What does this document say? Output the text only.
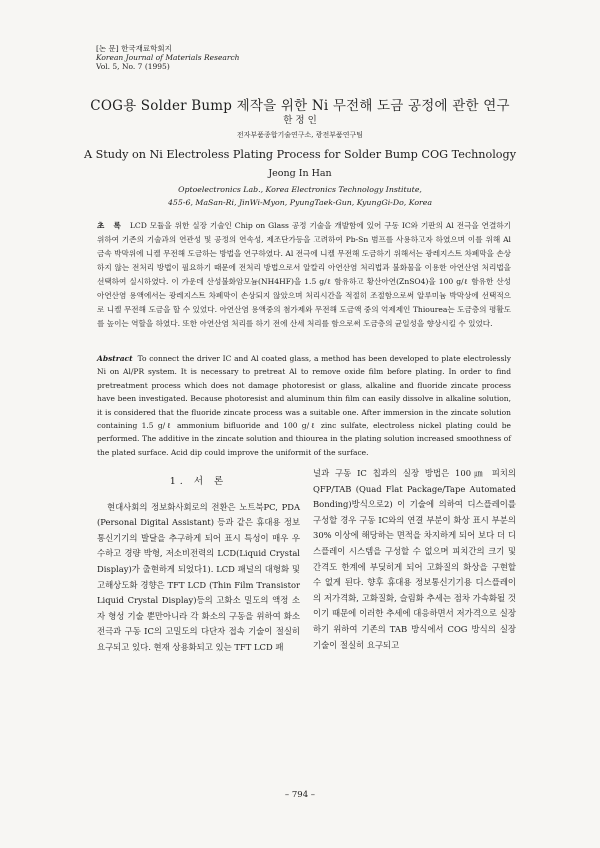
[논 문] 한국재료학회지
Korean Journal of Materials Research
Vol. 5, No. 7 (1995)
COG용 Solder Bump 제작을 위한 Ni 무전해 도금 공정에 관한 연구
한 정 인
전자부품종합기술연구소, 광전부품연구팀
A Study on Ni Electroless Plating Process for Solder Bump COG Technology
Jeong In Han
Optoelectronics Lab., Korea Electronics Technology Institute,
455-6, MaSan-Ri, JinWi-Myon, PyungTaek-Gun, KyungGi-Do, Korea
초 록 LCD 모듈을 위한 실장 기술인 Chip on Glass 공정 기술을 개발함에 있어 구동 IC와 기판의 Al 전극을 연결하기 위하여 기존의 기술과의 연관성 및 공정의 연속성, 제조단가등을 고려하여 Pb-Sn 범프를 사용하고자 하였으며 이를 위해 Al 금속 박막위에 니켈 무전해 도금하는 방법을 연구하였다. Al 전극에 니켈 무전해 도금하기 위해서는 광레지스트 차폐막을 손상하지 않는 전처리 방법이 필요하기 때문에 전처리 방법으로서 알칼리 아연산염 처리법과 불화물을 이용한 아연산염 처리법을 선택하여 실시하였다. 이 가운데 산성불화암모늄(NH4HF)을 1.5 g/ℓ 함유하고 황산아연(ZnSO4)을 100 g/ℓ 함유한 산성 아연산염 용액에서는 광레지스트 차폐막이 손상되지 않았으며 처리시간을 적절히 조절함으로써 알루미늄 박막상에 선택적으로 니켈 무전해 도금을 할 수 있었다. 아연산염 용액중의 첨가제와 무전해 도금액 중의 억제제인 Thiourea는 도금층의 평활도를 높이는 역할을 하였다. 또한 아연산염 처리를 하기 전에 산세 처리를 함으로써 도금층의 균일성을 향상시킬 수 있었다.
Abstract To connect the driver IC and Al coated glass, a method has been developed to plate electrolessly Ni on Al/PR system. It is necessary to pretreat Al to remove oxide film before plating. In order to find pretreatment process which does not damage photoresist or glass, alkaline and fluoride zincate process have been investigated. Because photoresist and aluminum thin film can easily dissolve in alkaline solution, it is considered that the fluoride zincate process was a suitable one. After immersion in the zincate solution containing 1.5 g/ℓ ammonium bifluoride and 100 g/ℓ zinc sulfate, electroless nickel plating could be performed. The additive in the zincate solution and thiourea in the plating solution increased smoothness of the plated surface. Acid dip could improve the uniformit of the surface.
1. 서 론

현대사회의 정보화사회로의 전환은 노트북PC, PDA (Personal Digital Assistant) 등과 같은 휴대용 정보통신기기의 발달을 추구하게 되어 표시 특성이 매우 우수하고 경량 박형, 저소비전력의 LCD(Liquid Crystal Display)가 출현하게 되었다1). LCD 패널의 대형화 및 고해상도화 경향은 TFT LCD (Thin Film Transistor Liquid Crystal Display)등의 고화소 밀도의 액정 소자 형성 기술 뿐만아니라 각 화소의 구동을 위하여 화소 전극과 구동 IC의 고밀도의 다단자 접속 기술이 절실히 요구되고 있다. 현재 상용화되고 있는 TFT LCD 패

널과 구동 IC 칩과의 실장 방법은 100㎛ 피치의 QFP/TAB (Quad Flat Package/Tape Automated Bonding)방식으로2) 이 기술에 의하여 디스플레이를 구성할 경우 구동 IC와의 연결 부분이 화상 표시 부분의 30% 이상에 해당하는 면적을 차지하게 되어 보다 더 디스플레이 시스템을 구성할 수 없으며 피치간의 크기 및 간격도 한계에 부딪히게 되어 고화질의 화상을 구현할 수 없게 된다. 향후 휴대용 정보통신기기용 디스플레이의 저가격화, 고화질화, 슬림화 추세는 점차 가속화될 것이기 때문에 이러한 추세에 대응하면서 저가격으로 실장하기 위하여 기존의 TAB 방식에서 COG 방식의 실장 기술이 절실히 요구되고

– 794 –
